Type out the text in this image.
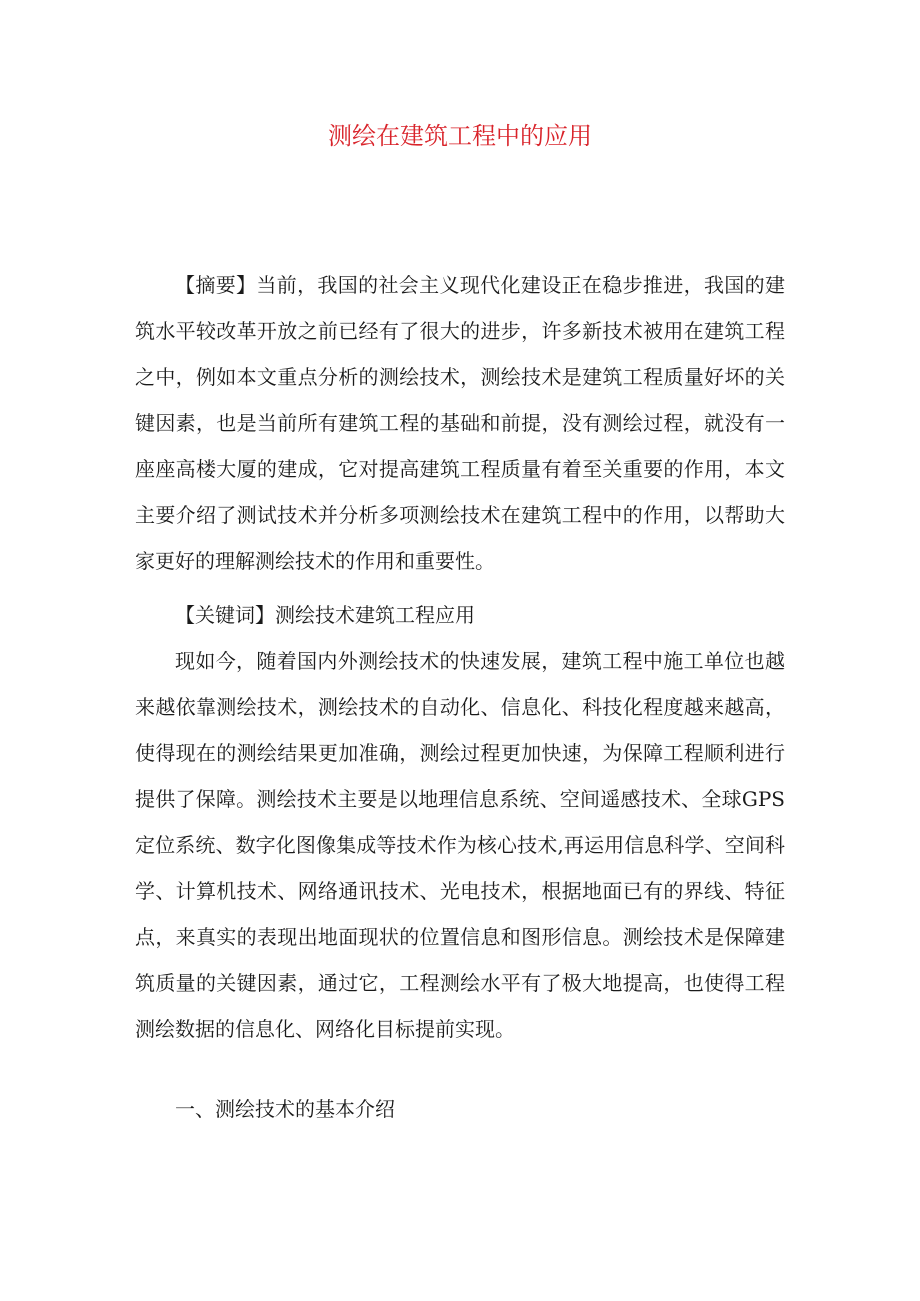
测绘在建筑工程中的应用

【摘要】当前，我国的社会主义现代化建设正在稳步推进，我国的建筑水平较改革开放之前已经有了很大的进步，许多新技术被用在建筑工程之中，例如本文重点分析的测绘技术，测绘技术是建筑工程质量好坏的关键因素，也是当前所有建筑工程的基础和前提，没有测绘过程，就没有一座座高楼大厦的建成，它对提高建筑工程质量有着至关重要的作用，本文主要介绍了测试技术并分析多项测绘技术在建筑工程中的作用，以帮助大家更好的理解测绘技术的作用和重要性。

【关键词】测绘技术建筑工程应用

现如今，随着国内外测绘技术的快速发展，建筑工程中施工单位也越来越依靠测绘技术，测绘技术的自动化、信息化、科技化程度越来越高，使得现在的测绘结果更加准确，测绘过程更加快速，为保障工程顺利进行提供了保障。测绘技术主要是以地理信息系统、空间遥感技术、全球GPS定位系统、数字化图像集成等技术作为核心技术,再运用信息科学、空间科学、计算机技术、网络通讯技术、光电技术，根据地面已有的界线、特征点，来真实的表现出地面现状的位置信息和图形信息。测绘技术是保障建筑质量的关键因素，通过它，工程测绘水平有了极大地提高，也使得工程测绘数据的信息化、网络化目标提前实现。

一、测绘技术的基本介绍
